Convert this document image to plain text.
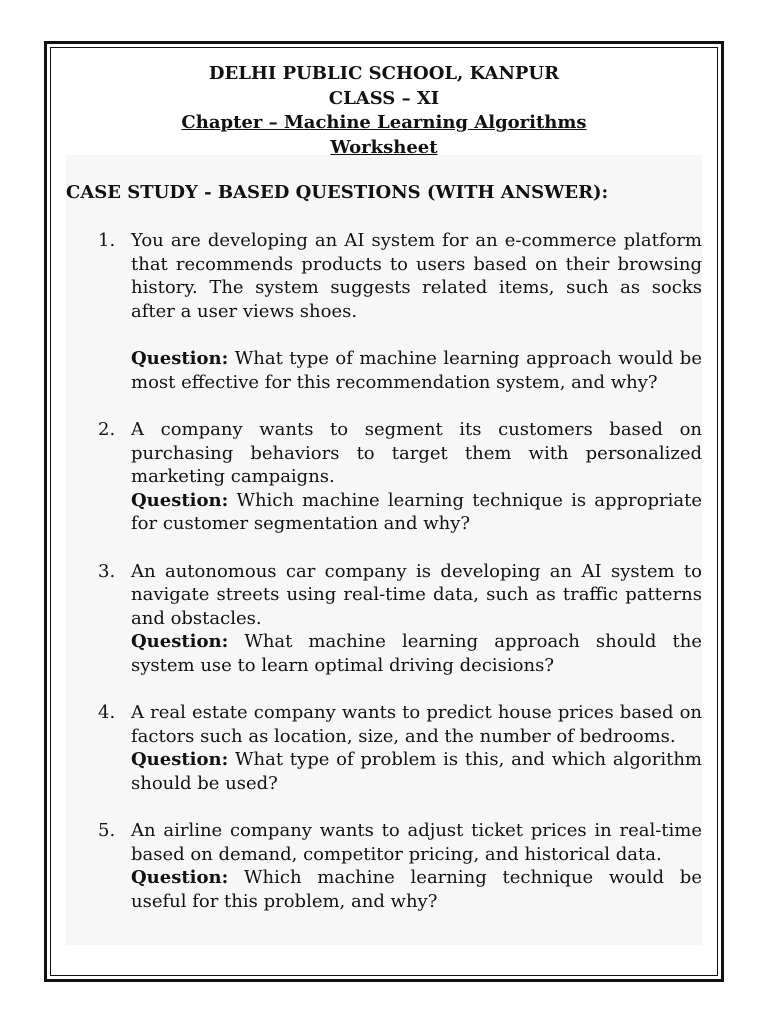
DELHI PUBLIC SCHOOL, KANPUR
CLASS – XI
Chapter – Machine Learning Algorithms
Worksheet
CASE STUDY - BASED QUESTIONS (WITH ANSWER):
1. You are developing an AI system for an e-commerce platform that recommends products to users based on their browsing history. The system suggests related items, such as socks after a user views shoes.

Question: What type of machine learning approach would be most effective for this recommendation system, and why?

2. A company wants to segment its customers based on purchasing behaviors to target them with personalized marketing campaigns.

Question: Which machine learning technique is appropriate for customer segmentation and why?

3. An autonomous car company is developing an AI system to navigate streets using real-time data, such as traffic patterns and obstacles.

Question: What machine learning approach should the system use to learn optimal driving decisions?

4. A real estate company wants to predict house prices based on factors such as location, size, and the number of bedrooms.

Question: What type of problem is this, and which algorithm should be used?

5. An airline company wants to adjust ticket prices in real-time based on demand, competitor pricing, and historical data.

Question: Which machine learning technique would be useful for this problem, and why?
